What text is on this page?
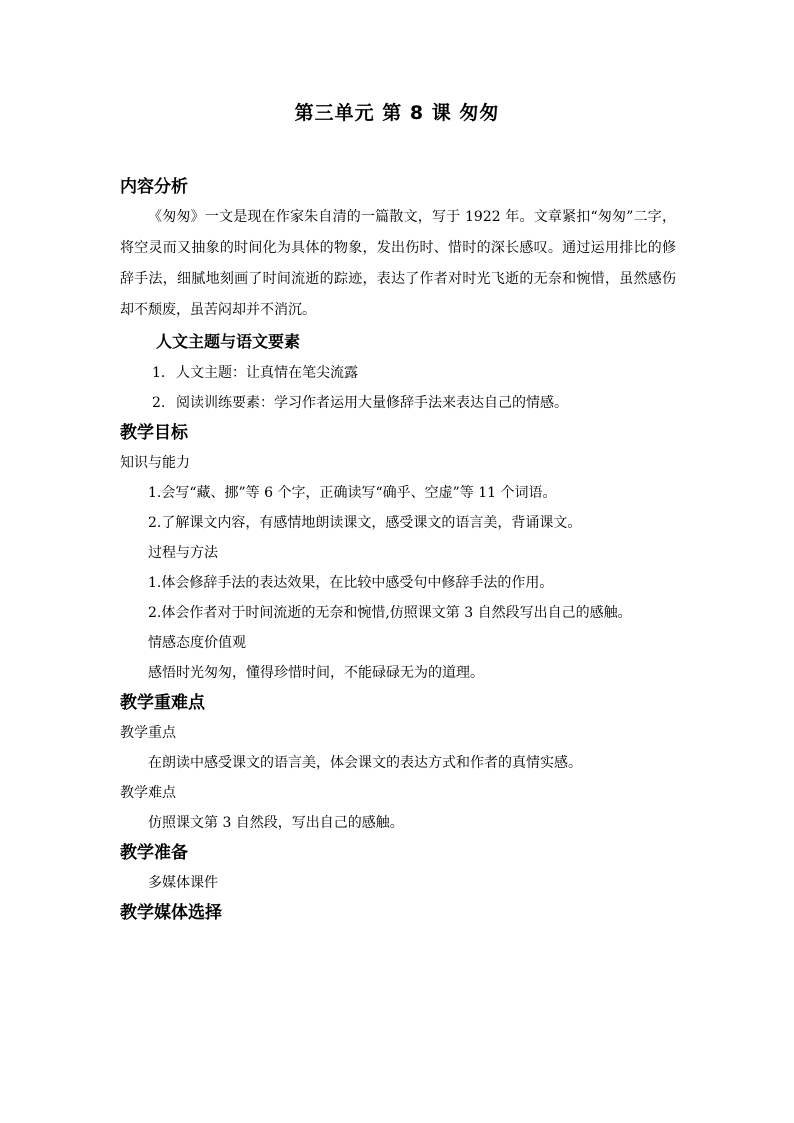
第三单元 第 8 课 匆匆
内容分析

《匆匆》一文是现在作家朱自清的一篇散文，写于 1922 年。文章紧扣“匆匆”二字，将空灵而又抽象的时间化为具体的物象，发出伤时、惜时的深长感叹。通过运用排比的修辞手法，细腻地刻画了时间流逝的踪迹，表达了作者对时光飞逝的无奈和惋惜，虽然感伤却不颓废，虽苦闷却并不消沉。

人文主题与语文要素

1. 人文主题：让真情在笔尖流露

2. 阅读训练要素：学习作者运用大量修辞手法来表达自己的情感。

教学目标

知识与能力

1.会写“藏、挪”等 6 个字，正确读写“确乎、空虚”等 11 个词语。

2.了解课文内容，有感情地朗读课文，感受课文的语言美，背诵课文。

过程与方法

1.体会修辞手法的表达效果，在比较中感受句中修辞手法的作用。

2.体会作者对于时间流逝的无奈和惋惜,仿照课文第 3 自然段写出自己的感触。

情感态度价值观

感悟时光匆匆，懂得珍惜时间，不能碌碌无为的道理。

教学重难点

教学重点

在朗读中感受课文的语言美，体会课文的表达方式和作者的真情实感。

教学难点

仿照课文第 3 自然段，写出自己的感触。

教学准备

多媒体课件

教学媒体选择
